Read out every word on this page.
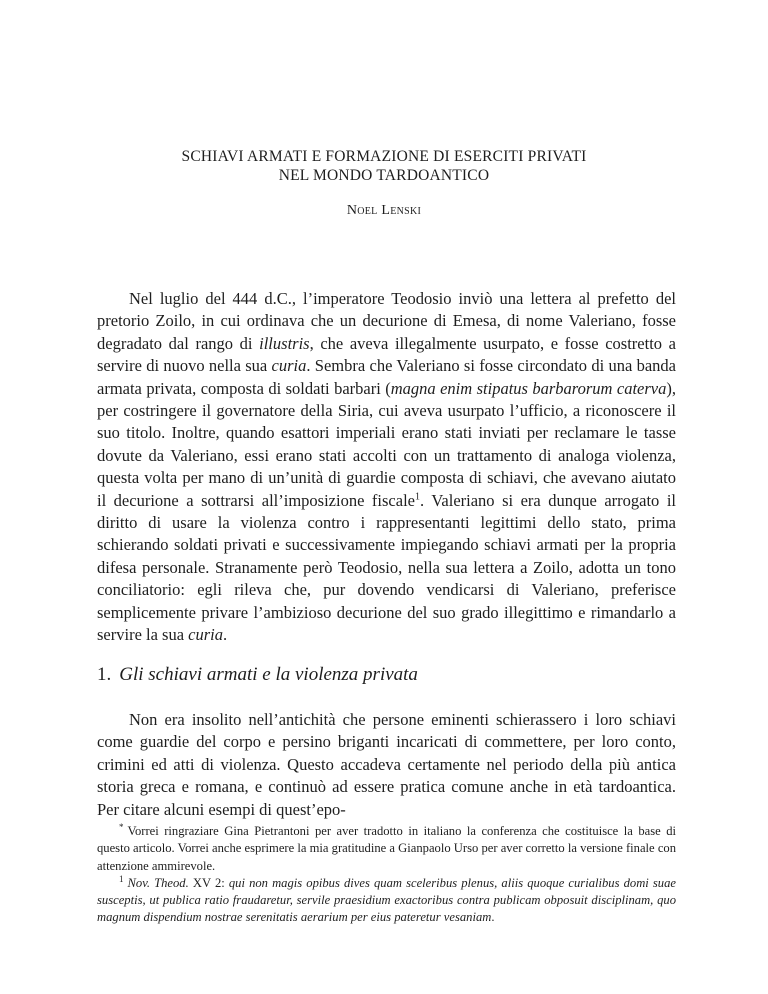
SCHIAVI ARMATI E FORMAZIONE DI ESERCITI PRIVATI
NEL MONDO TARDOANTICO
Noel Lenski

Nel luglio del 444 d.C., l’imperatore Teodosio inviò una lettera al prefetto del pretorio Zoilo, in cui ordinava che un decurione di Emesa, di nome Valeriano, fosse degradato dal rango di illustris, che aveva illegalmente usurpato, e fosse costretto a servire di nuovo nella sua curia. Sembra che Valeriano si fosse circondato di una banda armata privata, composta di soldati barbari (magna enim stipatus barbarorum caterva), per costringere il governatore della Siria, cui aveva usurpato l’ufficio, a riconoscere il suo titolo. Inoltre, quando esattori imperiali erano stati inviati per reclamare le tasse dovute da Valeriano, essi erano stati accolti con un trattamento di analoga violenza, questa volta per mano di un’unità di guardie composta di schiavi, che avevano aiutato il decurione a sottrarsi all’imposizione fiscale$^1$. Valeriano si era dunque arrogato il diritto di usare la violenza contro i rappresentanti legittimi dello stato, prima schierando soldati privati e successivamente impiegando schiavi armati per la propria difesa personale. Stranamente però Teodosio, nella sua lettera a Zoilo, adotta un tono conciliatorio: egli rileva che, pur dovendo vendicarsi di Valeriano, preferisce semplicemente privare l’ambizioso decurione del suo grado illegittimo e rimandarlo a servire la sua curia.

1. Gli schiavi armati e la violenza privata

Non era insolito nell’antichità che persone eminenti schierassero i loro schiavi come guardie del corpo e persino briganti incaricati di commettere, per loro conto, crimini ed atti di violenza. Questo accadeva certamente nel periodo della più antica storia greca e romana, e continuò ad essere pratica comune anche in età tardoantica. Per citare alcuni esempi di quest’epo-

* Vorrei ringraziare Gina Pietrantoni per aver tradotto in italiano la conferenza che costituisce la base di questo articolo. Vorrei anche esprimere la mia gratitudine a Gianpaolo Urso per aver corretto la versione finale con attenzione ammirevole.

$^1$ Nov. Theod. XV 2: qui non magis opibus dives quam sceleribus plenus, aliis quoque curialibus domi suae susceptis, ut publica ratio fraudaretur, servile praesidium exactoribus contra publicam obposuit disciplinam, quo magnum dispendium nostrae serenitatis aerarium per eius pateretur vesaniam.
